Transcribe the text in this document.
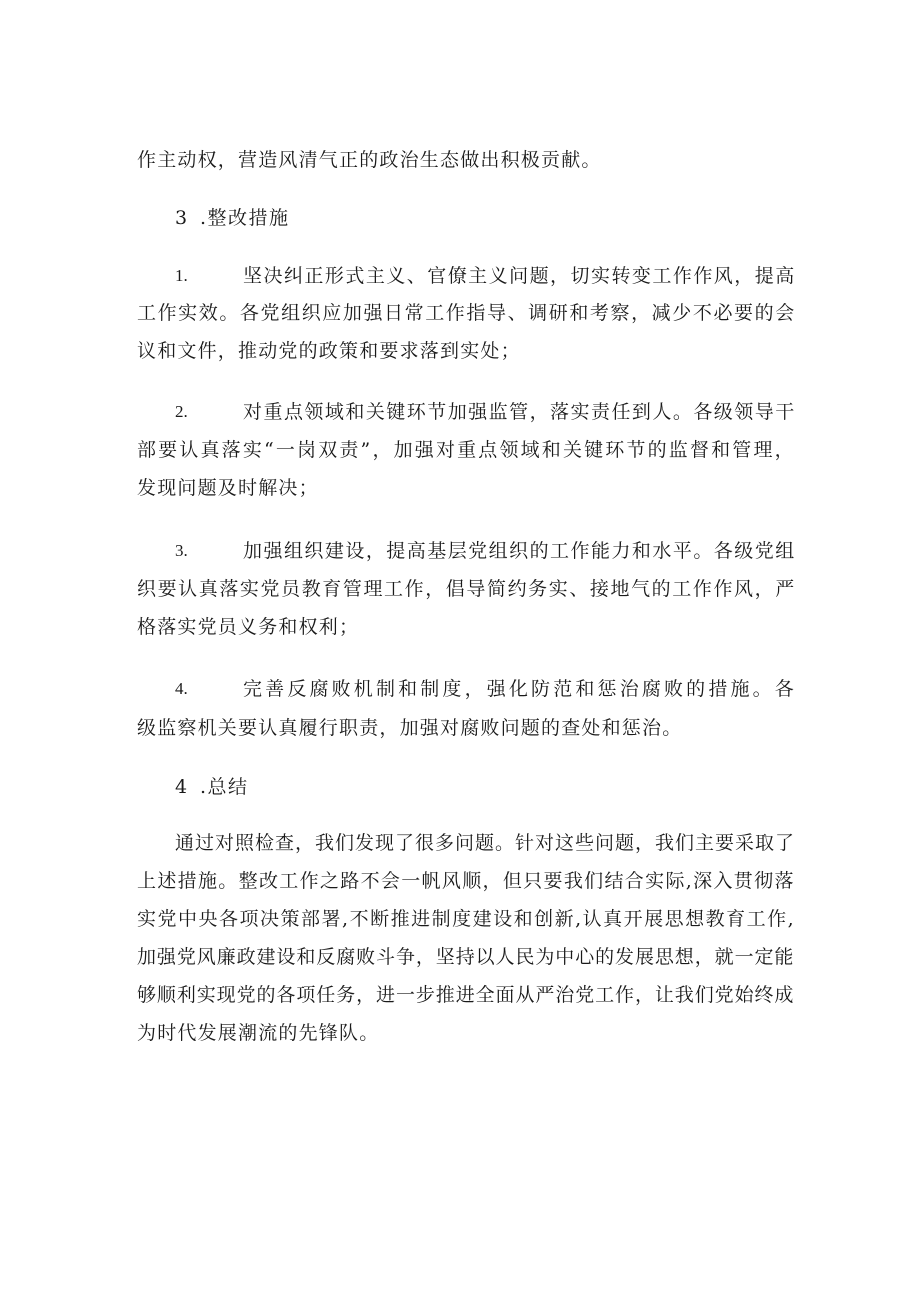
作主动权，营造风清气正的政治生态做出积极贡献。
3 .整改措施
1.	坚决纠正形式主义、官僚主义问题，切实转变工作作风，提高
工作实效。各党组织应加强日常工作指导、调研和考察，减少不必要的会
议和文件，推动党的政策和要求落到实处；
2.	对重点领域和关键环节加强监管，落实责任到人。各级领导干
部要认真落实“一岗双责”，加强对重点领域和关键环节的监督和管理，
发现问题及时解决；
3.	加强组织建设，提高基层党组织的工作能力和水平。各级党组
织要认真落实党员教育管理工作，倡导简约务实、接地气的工作作风，严
格落实党员义务和权利；
4.	完善反腐败机制和制度，强化防范和惩治腐败的措施。各
级监察机关要认真履行职责，加强对腐败问题的查处和惩治。
4 .总结
通过对照检查，我们发现了很多问题。针对这些问题，我们主要采取了
上述措施。整改工作之路不会一帆风顺，但只要我们结合实际,深入贯彻落
实党中央各项决策部署,不断推进制度建设和创新,认真开展思想教育工作,
加强党风廉政建设和反腐败斗争，坚持以人民为中心的发展思想，就一定能
够顺利实现党的各项任务，进一步推进全面从严治党工作，让我们党始终成
为时代发展潮流的先锋队。
